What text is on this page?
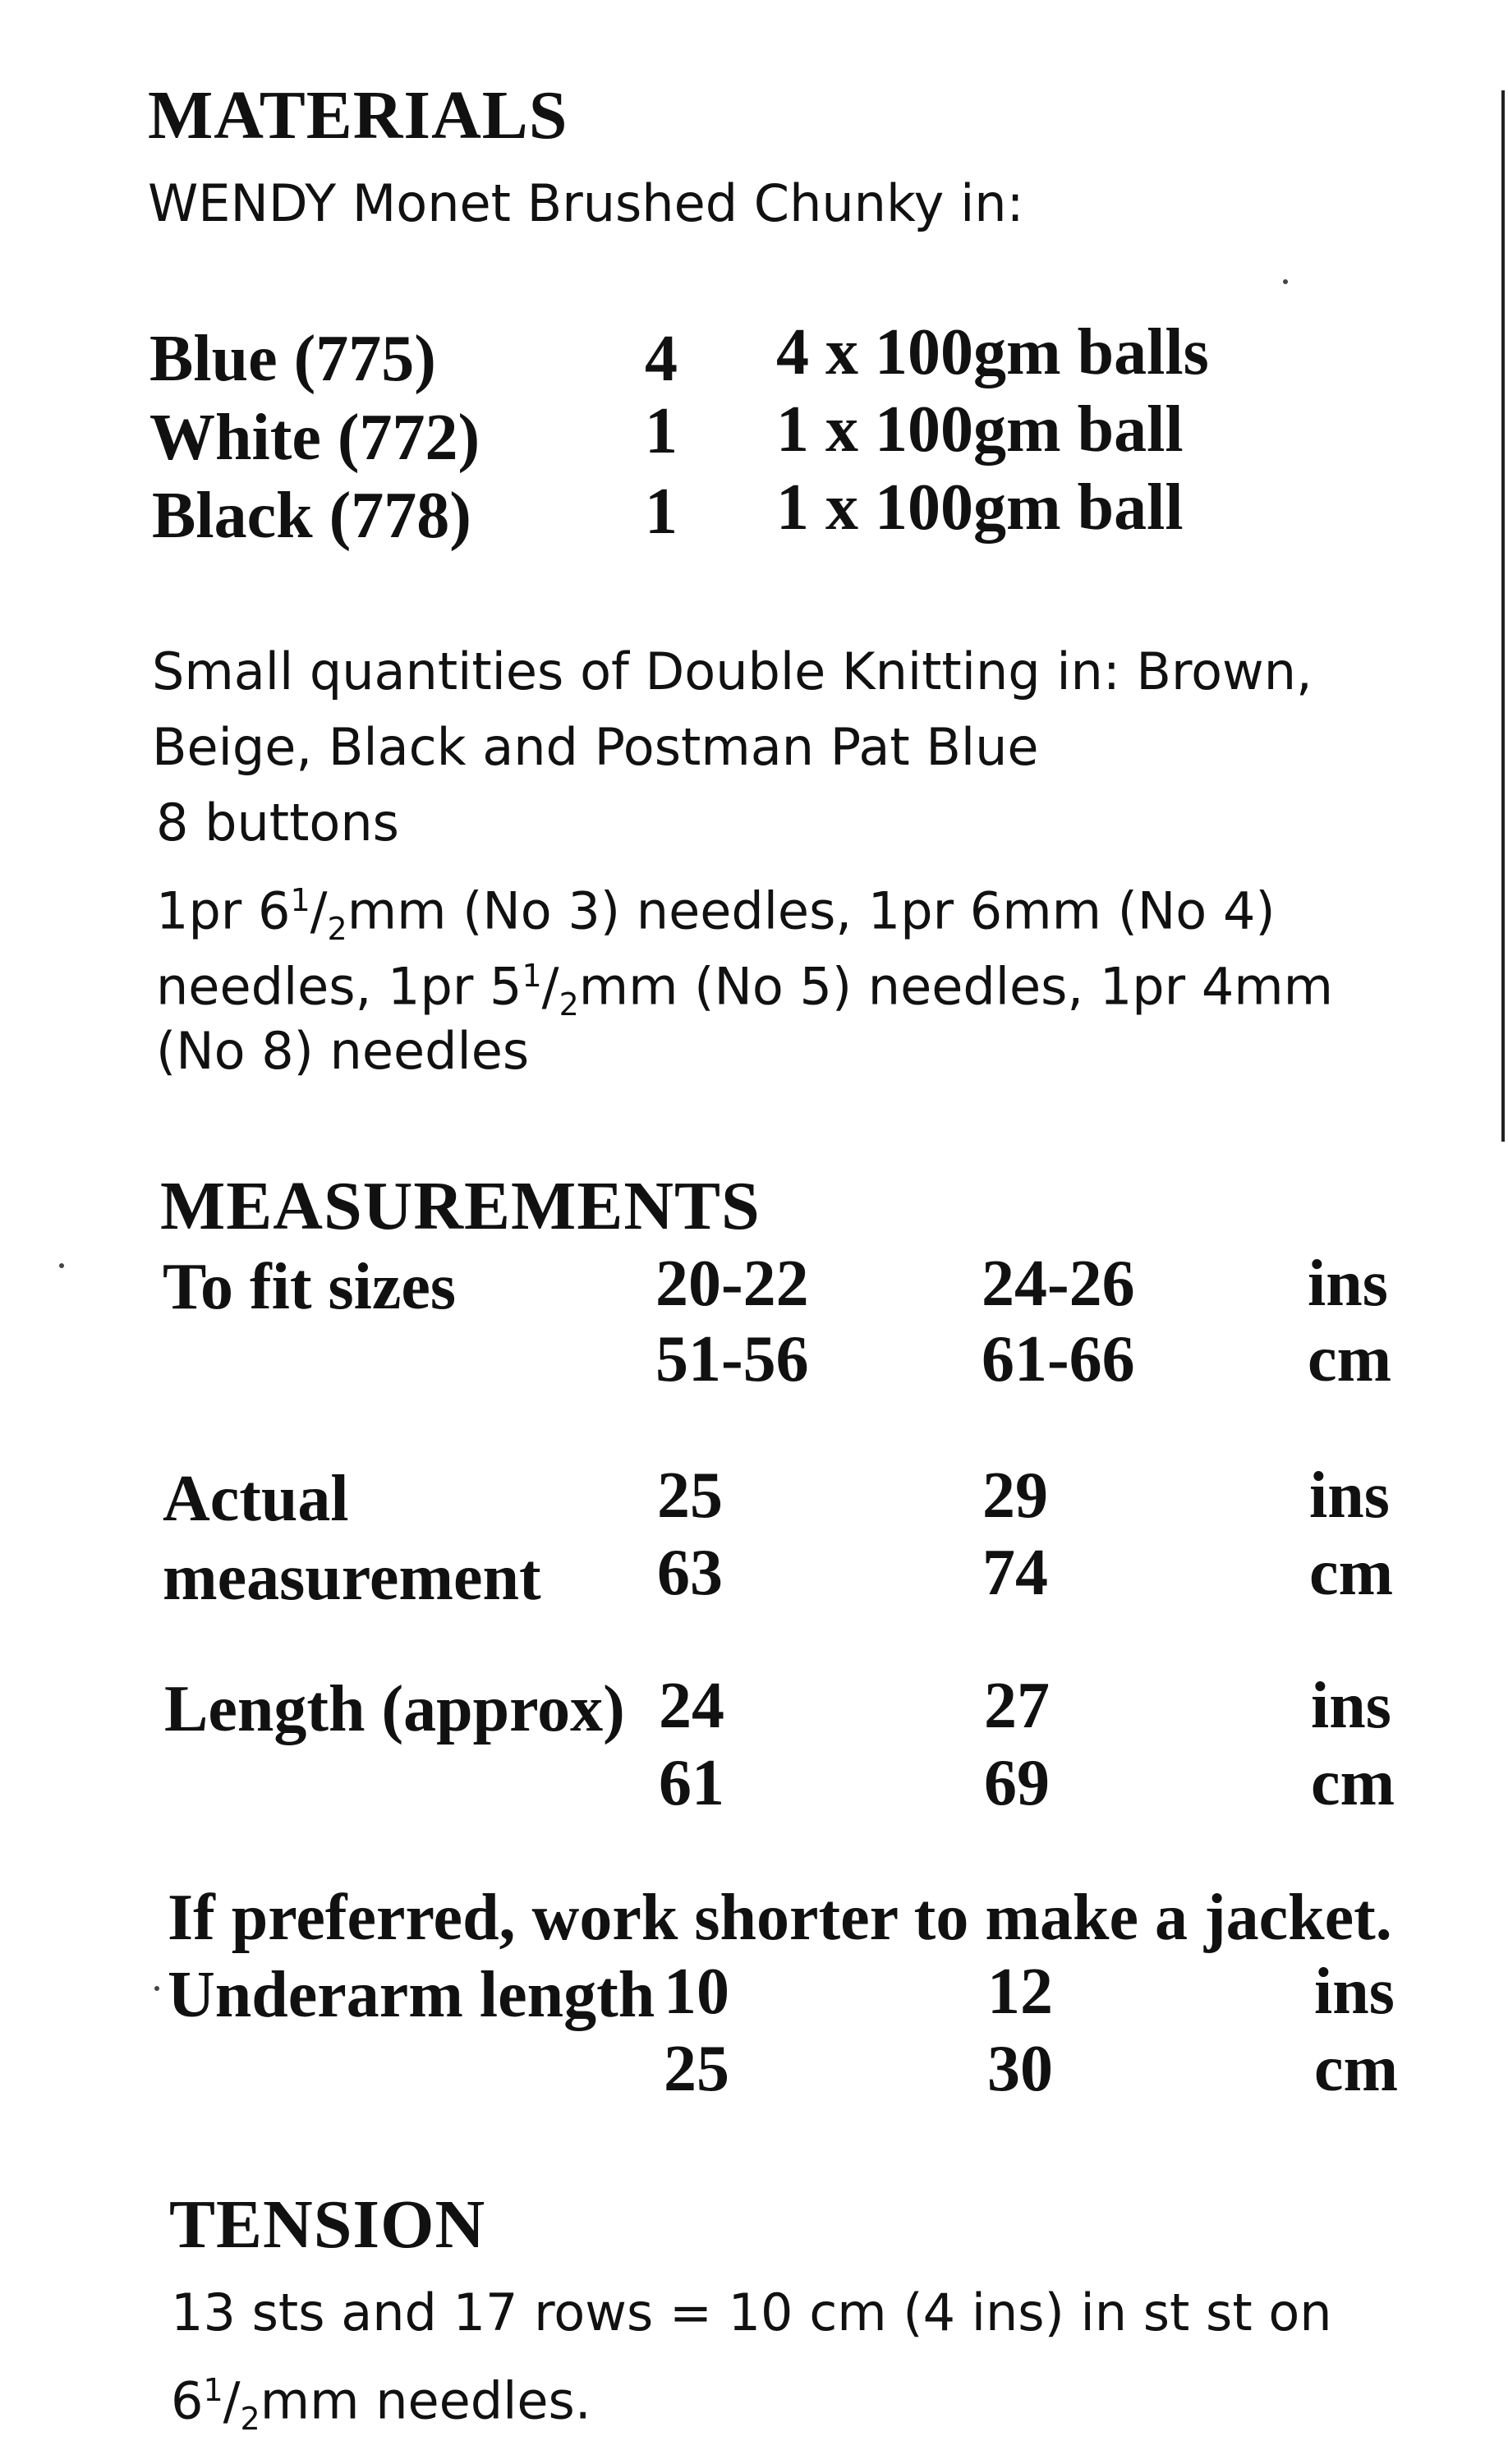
MATERIALS
WENDY Monet Brushed Chunky in:
Blue (775)	4 4 x 100gm balls
White (772)	1 1 x 100gm ball
Black (778)	1 1 x 100gm ball
Small quantities of Double Knitting in: Brown,
Beige, Black and Postman Pat Blue
8 buttons
1pr $6^1/_2mm$ (No 3) needles, 1pr 6mm (No 4)
needles, 1pr $5^1/_2mm$ (No 5) needles, 1pr 4mm
(No 8) needles
MEASUREMENTS
To fit sizes	20-22	24-26	ins
51-56	61-66	cm
Actual
measurement
25	29	ins
63	74	cm
Length (approx) 24	27	ins
61	69	cm
If preferred, work shorter to make a jacket.
Underarm length 10	12	ins
25	30	cm
TENSION
13 sts and 17 rows = 10 cm (4 ins) in st st on
$6^1/_2mm$ needles.
